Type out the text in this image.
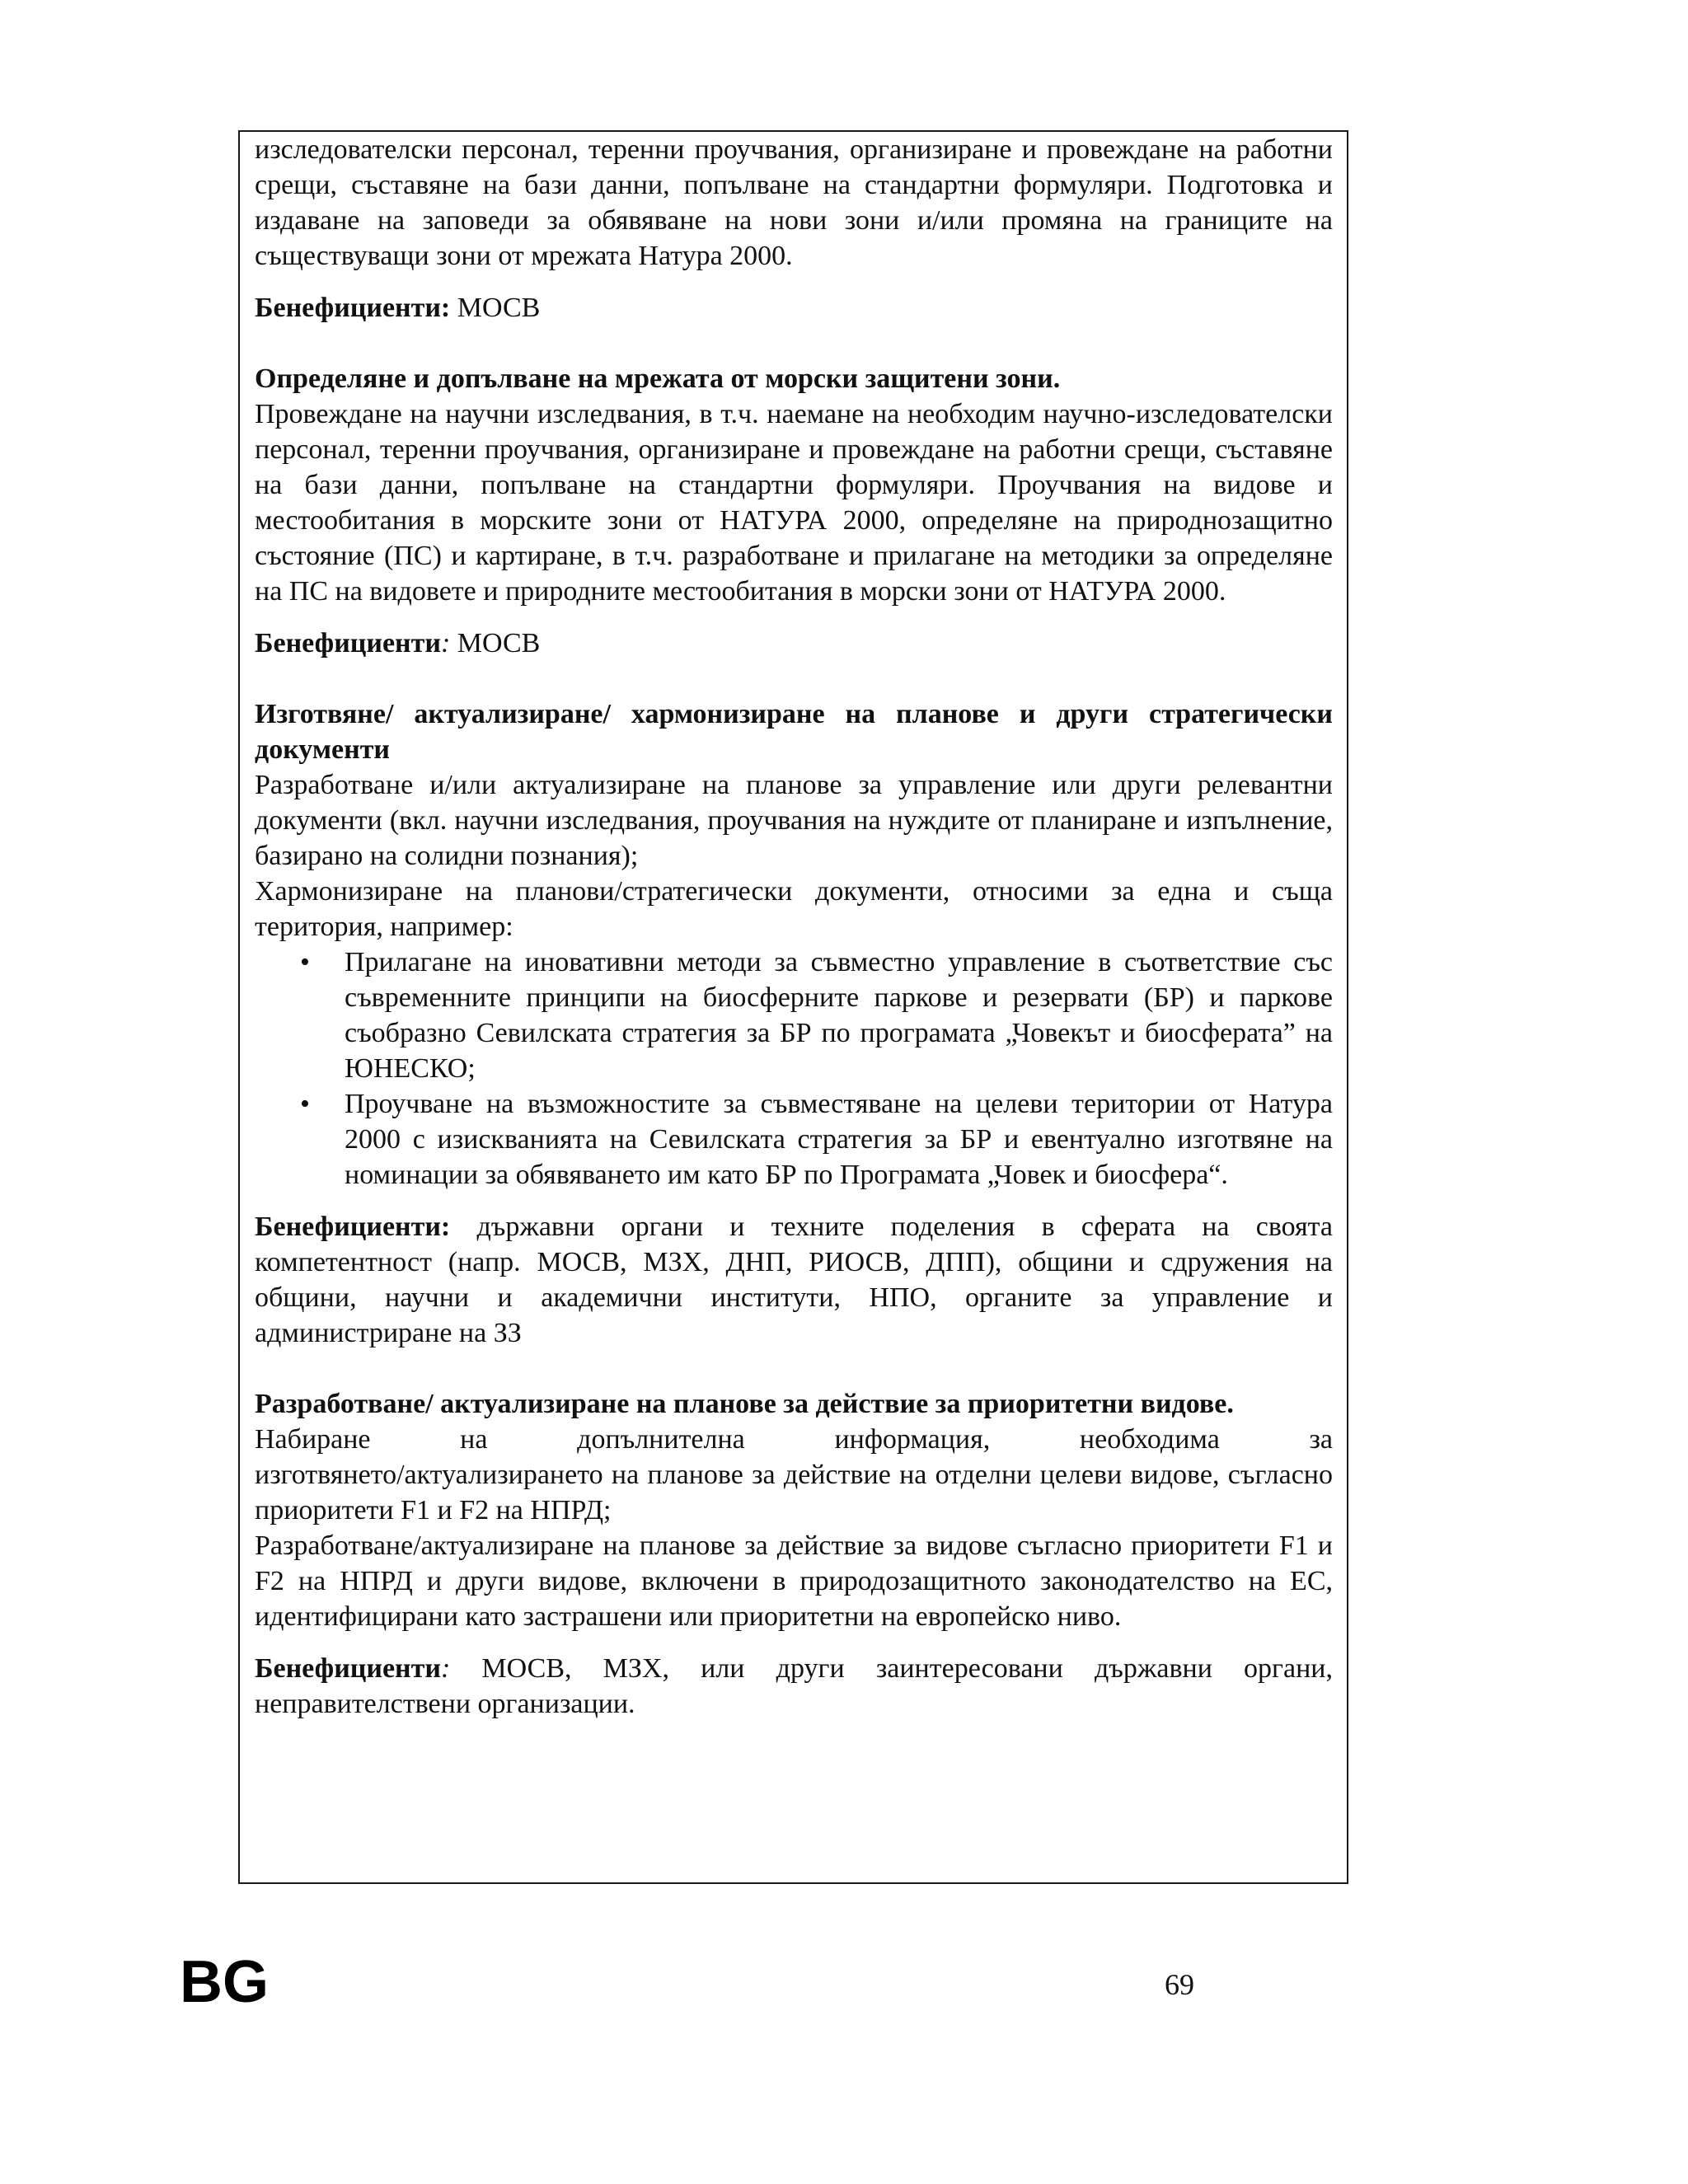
изследователски персонал, теренни проучвания, организиране и провеждане на работни срещи, съставяне на бази данни, попълване на стандартни формуляри. Подготовка и издаване на заповеди за обявяване на нови зони и/или промяна на границите на съществуващи зони от мрежата Натура 2000.

Бенефициенти: МОСВ

Определяне и допълване на мрежата от морски защитени зони.

Провеждане на научни изследвания, в т.ч. наемане на необходим научно-изследователски персонал, теренни проучвания, организиране и провеждане на работни срещи, съставяне на бази данни, попълване на стандартни формуляри. Проучвания на видове и местообитания в морските зони от НАТУРА 2000, определяне на природнозащитно състояние (ПС) и картиране, в т.ч. разработване и прилагане на методики за определяне на ПС на видовете и природните местообитания в морски зони от НАТУРА 2000.

Бенефициенти: МОСВ

Изготвяне/ актуализиране/ хармонизиране на планове и други стратегически документи

Разработване и/или актуализиране на планове за управление или други релевантни документи (вкл. научни изследвания, проучвания на нуждите от планиране и изпълнение, базирано на солидни познания);

Хармонизиране на планови/стратегически документи, относими за една и съща територия, например:

• Прилагане на иновативни методи за съвместно управление в съответствие със съвременните принципи на биосферните паркове и резервати (БР) и паркове съобразно Севилската стратегия за БР по програмата „Човекът и биосферата” на ЮНЕСКО;
• Проучване на възможностите за съвместяване на целеви територии от Натура 2000 с изискванията на Севилската стратегия за БР и евентуално изготвяне на номинации за обявяването им като БР по Програмата „Човек и биосфера“.

Бенефициенти: държавни органи и техните поделения в сферата на своята компетентност (напр. МОСВ, МЗХ, ДНП, РИОСВ, ДПП), общини и сдружения на общини, научни и академични институти, НПО, органите за управление и администриране на ЗЗ

Разработване/ актуализиране на планове за действие за приоритетни видове.

Набиране на допълнителна информация, необходима за

изготвянето/актуализирането на планове за действие на отделни целеви видове, съгласно приоритети F1 и F2 на НПРД;

Разработване/актуализиране на планове за действие за видове съгласно приоритети F1 и F2 на НПРД и други видове, включени в природозащитното законодателство на ЕС, идентифицирани като застрашени или приоритетни на европейско ниво.

Бенефициенти: МОСВ, МЗХ, или други заинтересовани държавни органи, неправителствени организации.

BG	69
